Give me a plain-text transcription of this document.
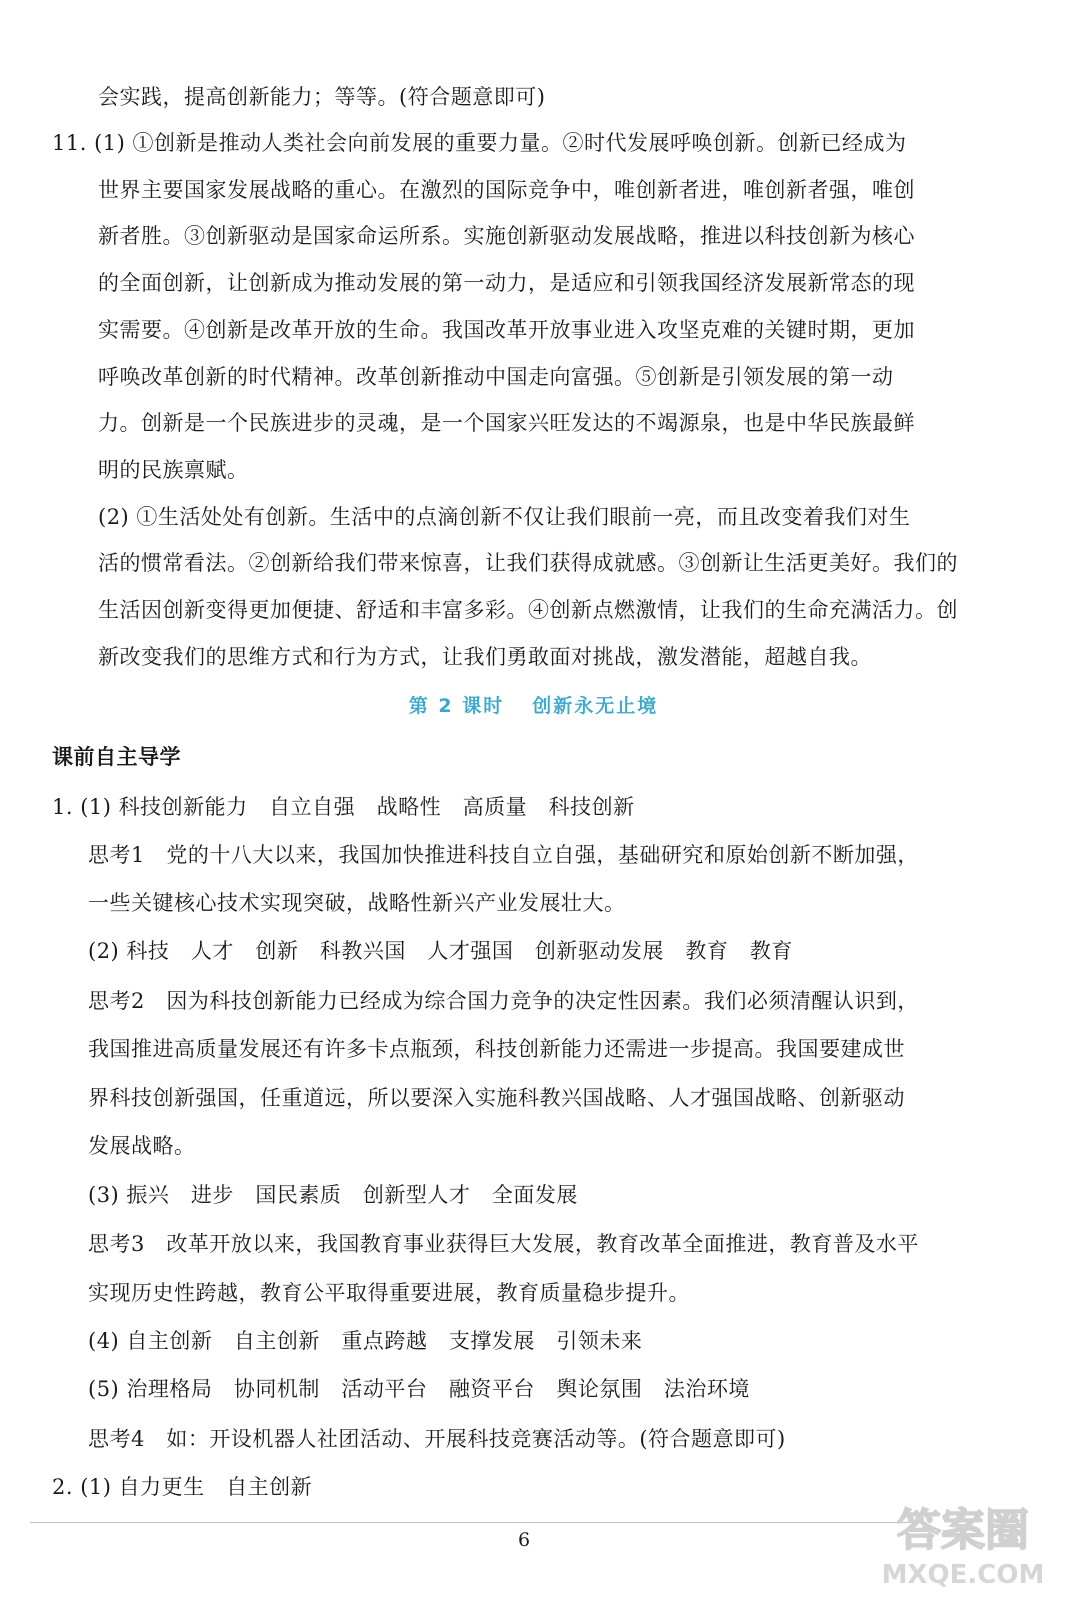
会实践，提高创新能力；等等。(符合题意即可)
11. (1) ①创新是推动人类社会向前发展的重要力量。②时代发展呼唤创新。创新已经成为
世界主要国家发展战略的重心。在激烈的国际竞争中，唯创新者进，唯创新者强，唯创
新者胜。③创新驱动是国家命运所系。实施创新驱动发展战略，推进以科技创新为核心
的全面创新，让创新成为推动发展的第一动力，是适应和引领我国经济发展新常态的现
实需要。④创新是改革开放的生命。我国改革开放事业进入攻坚克难的关键时期，更加
呼唤改革创新的时代精神。改革创新推动中国走向富强。⑤创新是引领发展的第一动
力。创新是一个民族进步的灵魂，是一个国家兴旺发达的不竭源泉，也是中华民族最鲜
明的民族禀赋。
(2) ①生活处处有创新。生活中的点滴创新不仅让我们眼前一亮，而且改变着我们对生
活的惯常看法。②创新给我们带来惊喜，让我们获得成就感。③创新让生活更美好。我们的
生活因创新变得更加便捷、舒适和丰富多彩。④创新点燃激情，让我们的生命充满活力。创
新改变我们的思维方式和行为方式，让我们勇敢面对挑战，激发潜能，超越自我。
课前自主导学
1. (1) 科技创新能力　自立自强　战略性　高质量　科技创新
思考1　党的十八大以来，我国加快推进科技自立自强，基础研究和原始创新不断加强，
一些关键核心技术实现突破，战略性新兴产业发展壮大。
(2) 科技　人才　创新　科教兴国　人才强国　创新驱动发展　教育　教育
思考2　因为科技创新能力已经成为综合国力竞争的决定性因素。我们必须清醒认识到，
我国推进高质量发展还有许多卡点瓶颈，科技创新能力还需进一步提高。我国要建成世
界科技创新强国，任重道远，所以要深入实施科教兴国战略、人才强国战略、创新驱动
发展战略。
(3) 振兴　进步　国民素质　创新型人才　全面发展
思考3　改革开放以来，我国教育事业获得巨大发展，教育改革全面推进，教育普及水平
实现历史性跨越，教育公平取得重要进展，教育质量稳步提升。
(4) 自主创新　自主创新　重点跨越　支撑发展　引领未来
(5) 治理格局　协同机制　活动平台　融资平台　舆论氛围　法治环境
思考4　如：开设机器人社团活动、开展科技竞赛活动等。(符合题意即可)
2. (1) 自力更生　自主创新
第 2 课时 创新永无止境
6	答案圈
MXQE.COM
